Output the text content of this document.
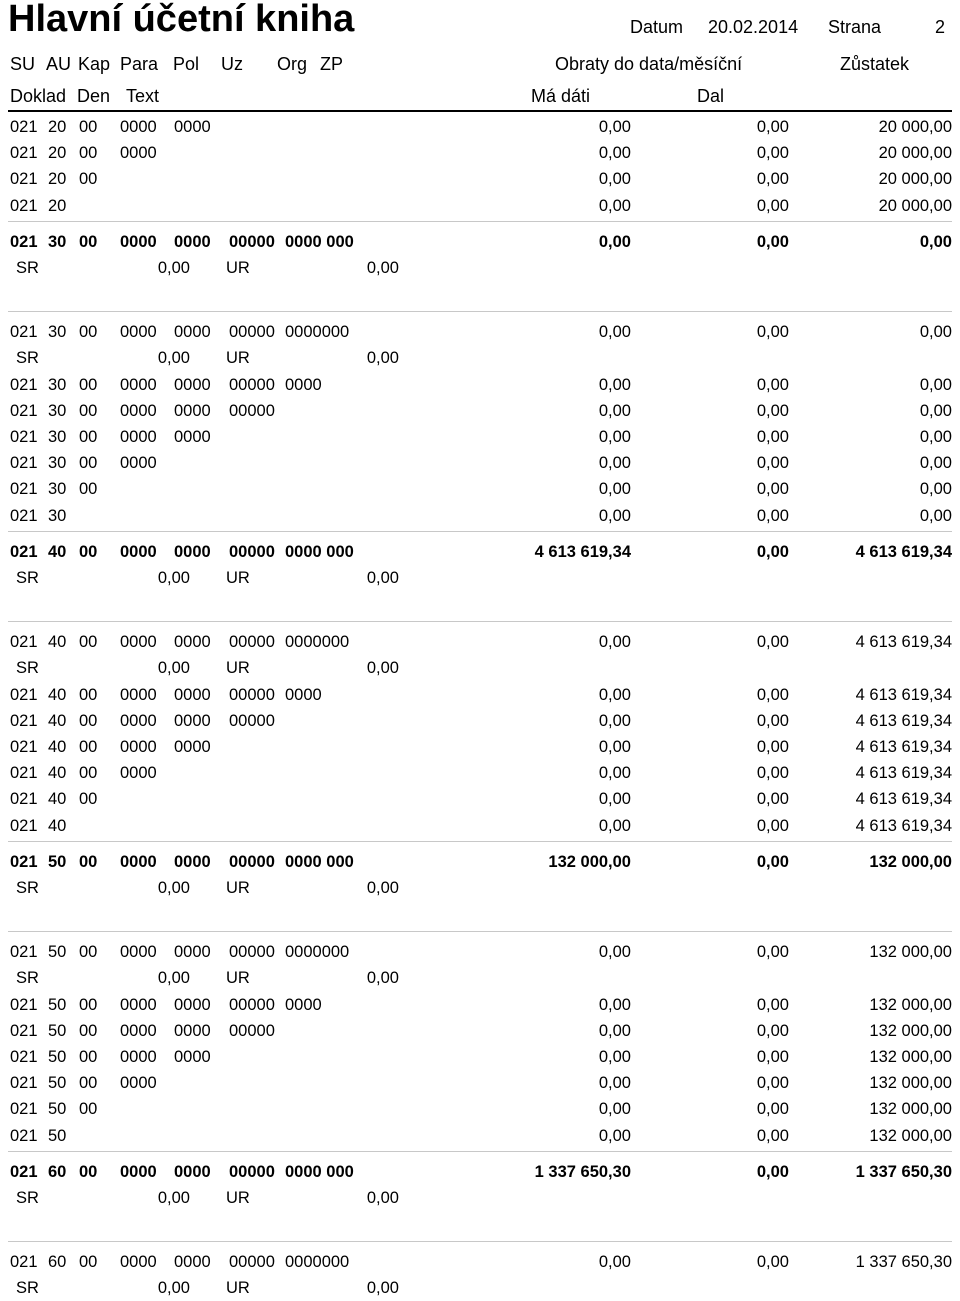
Hlavní účetní kniha	Datum 20.02.2014 Strana	2
SU AU Kap Para Pol Uz Org ZP	Obraty do data/měsíční	Zůstatek
Doklad Den Text	Má dáti	Dal
021 20 00 0000 0000	0,00	0,00	20 000,00
021 20 00 0000	0,00	0,00	20 000,00
021 20 00	0,00	0,00	20 000,00
021 20	0,00	0,00	20 000,00
021 30 00 0000 0000 00000 0000 000	0,00	0,00	0,00
SR	0,00 UR	0,00
021 30 00 0000 0000 00000 0000000	0,00	0,00	0,00
SR	0,00 UR	0,00
021 30 00 0000 0000 00000 0000	0,00	0,00	0,00
021 30 00 0000 0000 00000	0,00	0,00	0,00
021 30 00 0000 0000	0,00	0,00	0,00
021 30 00 0000	0,00	0,00	0,00
021 30 00	0,00	0,00	0,00
021 30	0,00	0,00	0,00
021 40 00 0000 0000 00000 0000 000	4 613 619,34	0,00	4 613 619,34
SR	0,00 UR	0,00
021 40 00 0000 0000 00000 0000000	0,00	0,00	4 613 619,34
SR	0,00 UR	0,00
021 40 00 0000 0000 00000 0000	0,00	0,00	4 613 619,34
021 40 00 0000 0000 00000	0,00	0,00	4 613 619,34
021 40 00 0000 0000	0,00	0,00	4 613 619,34
021 40 00 0000	0,00	0,00	4 613 619,34
021 40 00	0,00	0,00	4 613 619,34
021 40	0,00	0,00	4 613 619,34
021 50 00 0000 0000 00000 0000 000	132 000,00	0,00	132 000,00
SR	0,00 UR	0,00
021 50 00 0000 0000 00000 0000000	0,00	0,00	132 000,00
SR	0,00 UR	0,00
021 50 00 0000 0000 00000 0000	0,00	0,00	132 000,00
021 50 00 0000 0000 00000	0,00	0,00	132 000,00
021 50 00 0000 0000	0,00	0,00	132 000,00
021 50 00 0000	0,00	0,00	132 000,00
021 50 00	0,00	0,00	132 000,00
021 50	0,00	0,00	132 000,00
021 60 00 0000 0000 00000 0000 000	1 337 650,30	0,00	1 337 650,30
SR	0,00 UR	0,00
021 60 00 0000 0000 00000 0000000	0,00	0,00	1 337 650,30
SR	0,00 UR	0,00
